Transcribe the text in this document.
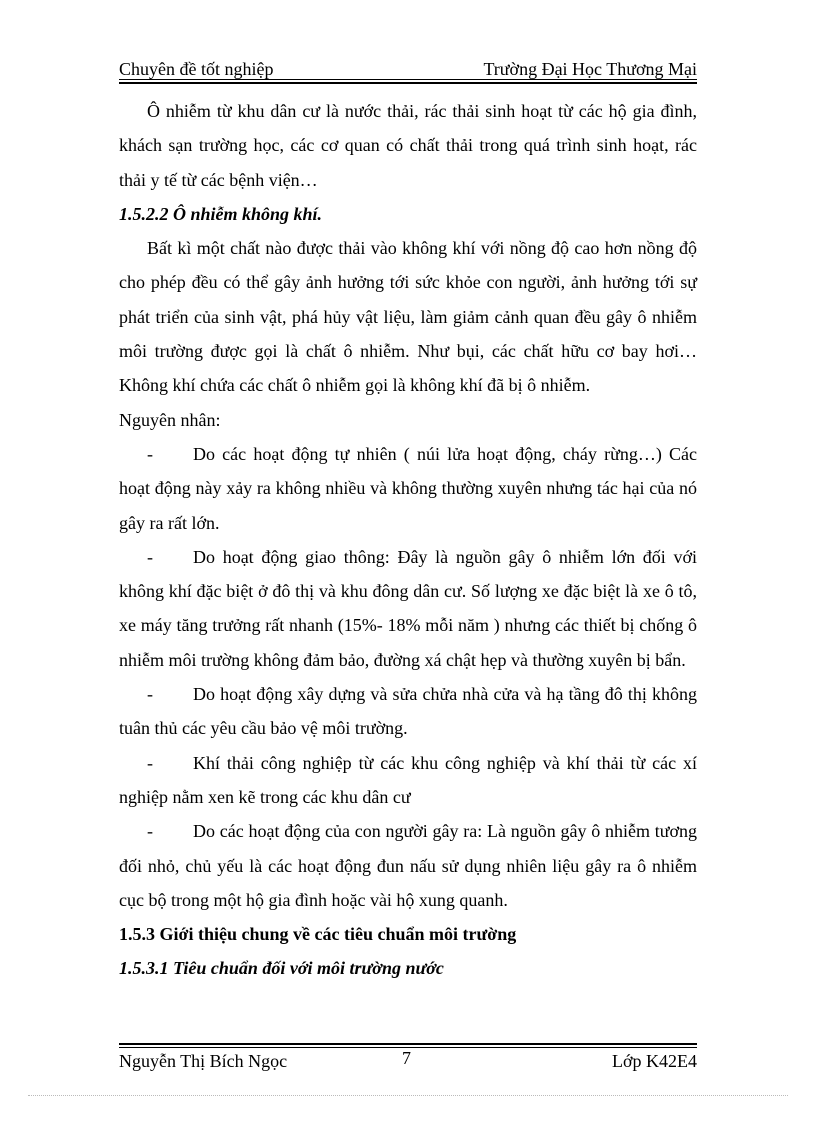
Chuyên đề tốt nghiệp	Trường Đại Học Thương Mại

Ô nhiễm từ khu dân cư là nước thải, rác thải sinh hoạt từ các hộ gia đình, khách sạn trường học, các cơ quan có chất thải trong quá trình sinh hoạt, rác thải y tế từ các bệnh viện…

1.5.2.2 Ô nhiễm không khí.

Bất kì một chất nào được thải vào không khí với nồng độ cao hơn nồng độ cho phép đều có thể gây ảnh hưởng tới sức khỏe con người, ảnh hưởng tới sự phát triển của sinh vật, phá hủy vật liệu, làm giảm cảnh quan đều gây ô nhiễm môi trường được gọi là chất ô nhiễm. Như bụi, các chất hữu cơ bay hơi…Không khí chứa các chất ô nhiễm gọi là không khí đã bị ô nhiễm.

Nguyên nhân:

- Do các hoạt động tự nhiên ( núi lửa hoạt động, cháy rừng…) Các hoạt động này xảy ra không nhiều và không thường xuyên nhưng tác hại của nó gây ra rất lớn.

- Do hoạt động giao thông: Đây là nguồn gây ô nhiễm lớn đối với không khí đặc biệt ở đô thị và khu đông dân cư. Số lượng xe đặc biệt là xe ô tô, xe máy tăng trưởng rất nhanh (15%- 18% mỗi năm ) nhưng các thiết bị chống ô nhiễm môi trường không đảm bảo, đường xá chật hẹp và thường xuyên bị bẩn.

- Do hoạt động xây dựng và sửa chửa nhà cửa và hạ tầng đô thị không tuân thủ các yêu cầu bảo vệ môi trường.

- Khí thải công nghiệp từ các khu công nghiệp và khí thải từ các xí nghiệp nằm xen kẽ trong các khu dân cư

- Do các hoạt động của con người gây ra: Là nguồn gây ô nhiễm tương đối nhỏ, chủ yếu là các hoạt động đun nấu sử dụng nhiên liệu gây ra ô nhiễm cục bộ trong một hộ gia đình hoặc vài hộ xung quanh.

1.5.3 Giới thiệu chung về các tiêu chuẩn môi trường

1.5.3.1 Tiêu chuẩn đối với môi trường nước

Nguyễn Thị Bích Ngọc	7	Lớp K42E4
